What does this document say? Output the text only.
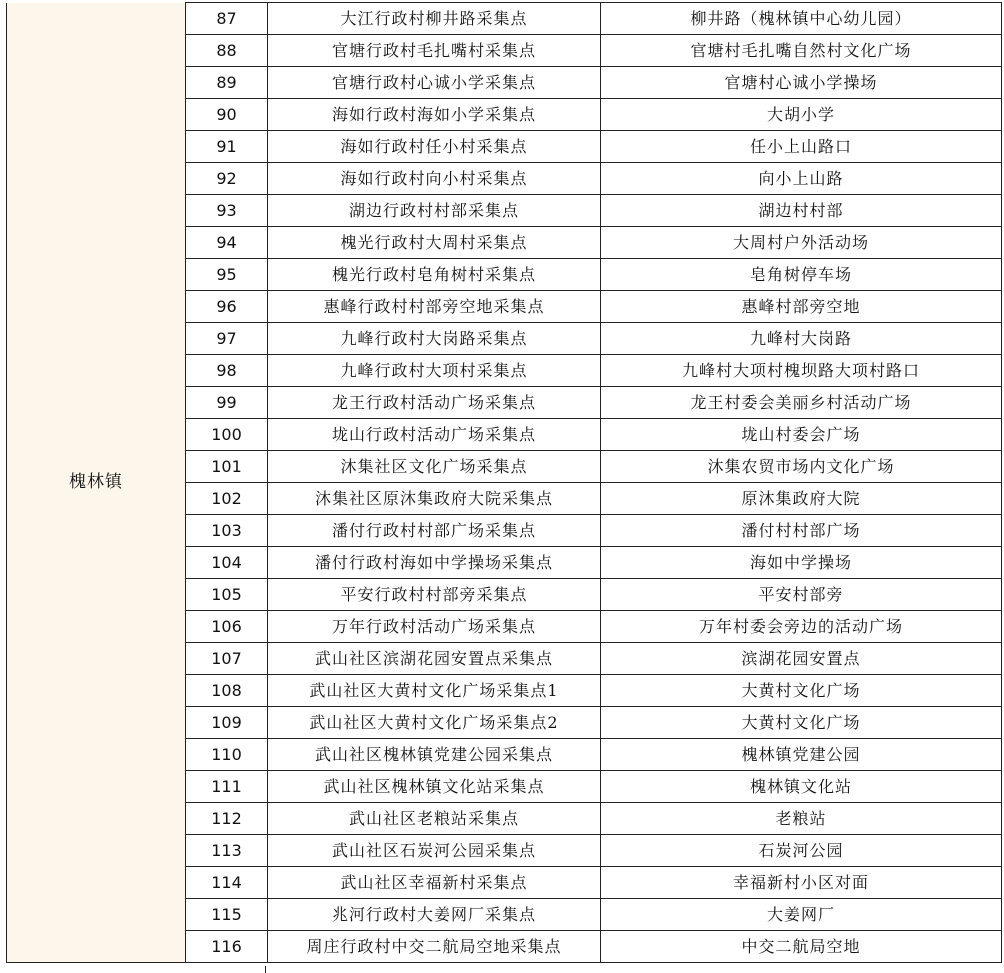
槐林镇	87	大江行政村柳井路采集点	柳井路（槐林镇中心幼儿园）
	88	官塘行政村毛扎嘴村采集点	官塘村毛扎嘴自然村文化广场
	89	官塘行政村心诚小学采集点	官塘村心诚小学操场
	90	海如行政村海如小学采集点	大胡小学
	91	海如行政村任小村采集点	任小上山路口
	92	海如行政村向小村采集点	向小上山路
	93	湖边行政村村部采集点	湖边村村部
	94	槐光行政村大周村采集点	大周村户外活动场
	95	槐光行政村皂角树村采集点	皂角树停车场
	96	惠峰行政村村部旁空地采集点	惠峰村部旁空地
	97	九峰行政村大岗路采集点	九峰村大岗路
	98	九峰行政村大项村采集点	九峰村大项村槐坝路大项村路口
	99	龙王行政村活动广场采集点	龙王村委会美丽乡村活动广场
	100	垅山行政村活动广场采集点	垅山村委会广场
	101	沐集社区文化广场采集点	沐集农贸市场内文化广场
	102	沐集社区原沐集政府大院采集点	原沐集政府大院
	103	潘付行政村村部广场采集点	潘付村村部广场
	104	潘付行政村海如中学操场采集点	海如中学操场
	105	平安行政村村部旁采集点	平安村部旁
	106	万年行政村活动广场采集点	万年村委会旁边的活动广场
	107	武山社区滨湖花园安置点采集点	滨湖花园安置点
	108	武山社区大黄村文化广场采集点1	大黄村文化广场
	109	武山社区大黄村文化广场采集点2	大黄村文化广场
	110	武山社区槐林镇党建公园采集点	槐林镇党建公园
	111	武山社区槐林镇文化站采集点	槐林镇文化站
	112	武山社区老粮站采集点	老粮站
	113	武山社区石炭河公园采集点	石炭河公园
	114	武山社区幸福新村采集点	幸福新村小区对面
	115	兆河行政村大姜网厂采集点	大姜网厂
	116	周庄行政村中交二航局空地采集点	中交二航局空地
